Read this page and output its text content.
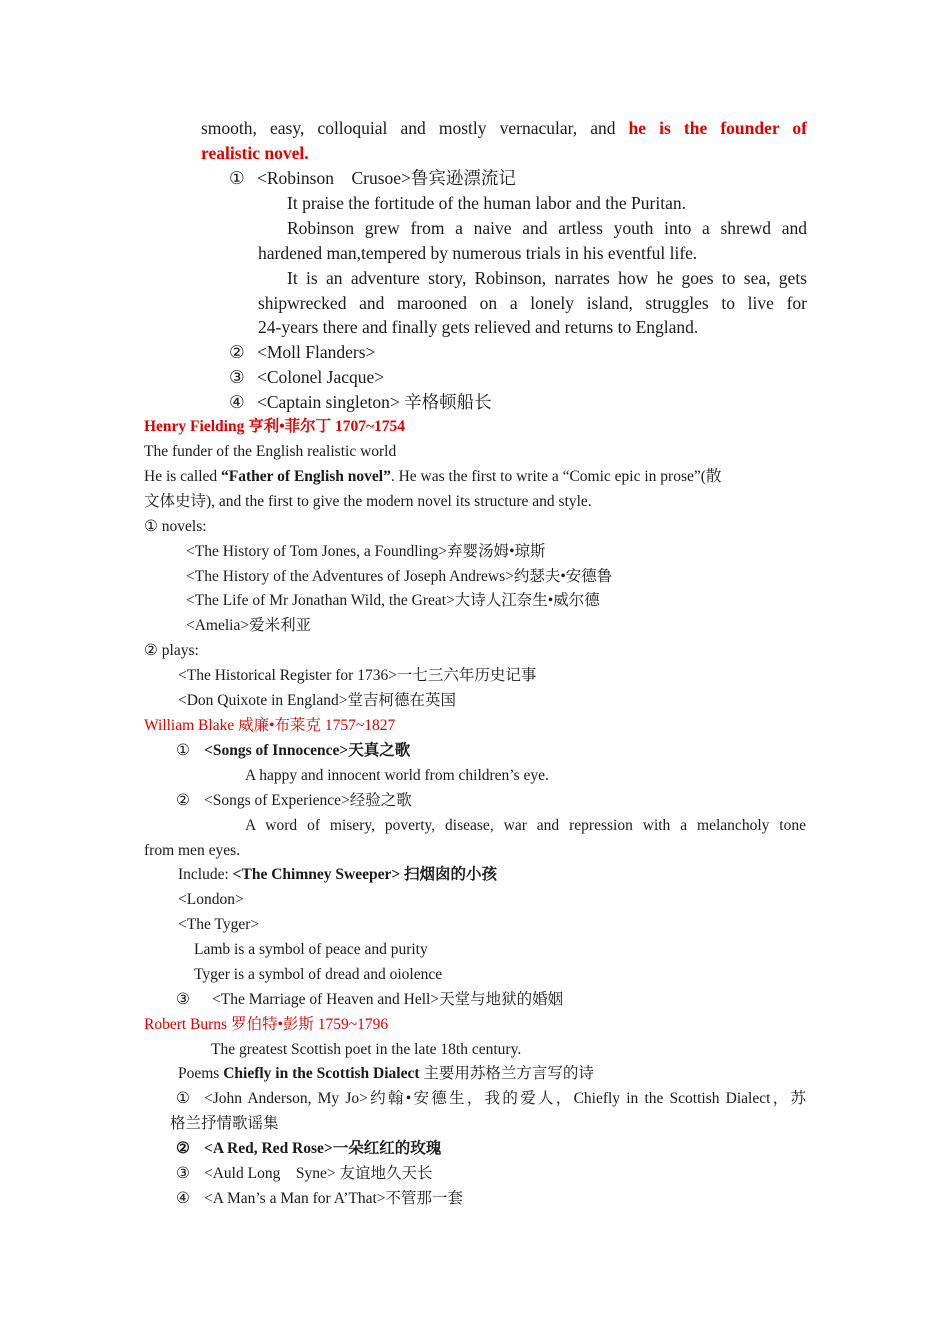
smooth, easy, colloquial and mostly vernacular, and he is the founder of
realistic novel.
① <Robinson　Crusoe>鲁宾逊漂流记
It praise the fortitude of the human labor and the Puritan.
Robinson grew from a naive and artless youth into a shrewd and
hardened man,tempered by numerous trials in his eventful life.
It is an adventure story, Robinson, narrates how he goes to sea, gets
shipwrecked and marooned on a lonely island, struggles to live for
24-years there and finally gets relieved and returns to England.
② <Moll Flanders>
③ <Colonel Jacque>
④ <Captain singleton> 辛格顿船长
Henry Fielding 亨利•菲尔丁 1707~1754
The funder of the English realistic world
He is called “Father of English novel”. He was the first to write a “Comic epic in prose”(散
文体史诗), and the first to give the modern novel its structure and style.
① novels:
<The History of Tom Jones, a Foundling>弃婴汤姆•琼斯
<The History of the Adventures of Joseph Andrews>约瑟夫•安德鲁
<The Life of Mr Jonathan Wild, the Great>大诗人江奈生•威尔德
<Amelia>爱米利亚
② plays:
<The Historical Register for 1736>一七三六年历史记事
<Don Quixote in England>堂吉柯德在英国
William Blake 威廉•布莱克 1757~1827
① <Songs of Innocence>天真之歌
A happy and innocent world from children’s eye.
② <Songs of Experience>经验之歌
A word of misery, poverty, disease, war and repression with a melancholy tone
from men eyes.
Include: <The Chimney Sweeper> 扫烟囱的小孩
<London>
<The Tyger>
Lamb is a symbol of peace and purity
Tyger is a symbol of dread and oiolence
③ <The Marriage of Heaven and Hell>天堂与地狱的婚姻
Robert Burns 罗伯特•彭斯 1759~1796
The greatest Scottish poet in the late 18th century.
Poems Chiefly in the Scottish Dialect 主要用苏格兰方言写的诗
① <John Anderson, My Jo>约翰•安德生，我的爱人，Chiefly in the Scottish Dialect，苏
格兰抒情歌谣集
② <A Red, Red Rose>一朵红红的玫瑰
③ <Auld Long　Syne> 友谊地久天长
④ <A Man’s a Man for A’That>不管那一套
